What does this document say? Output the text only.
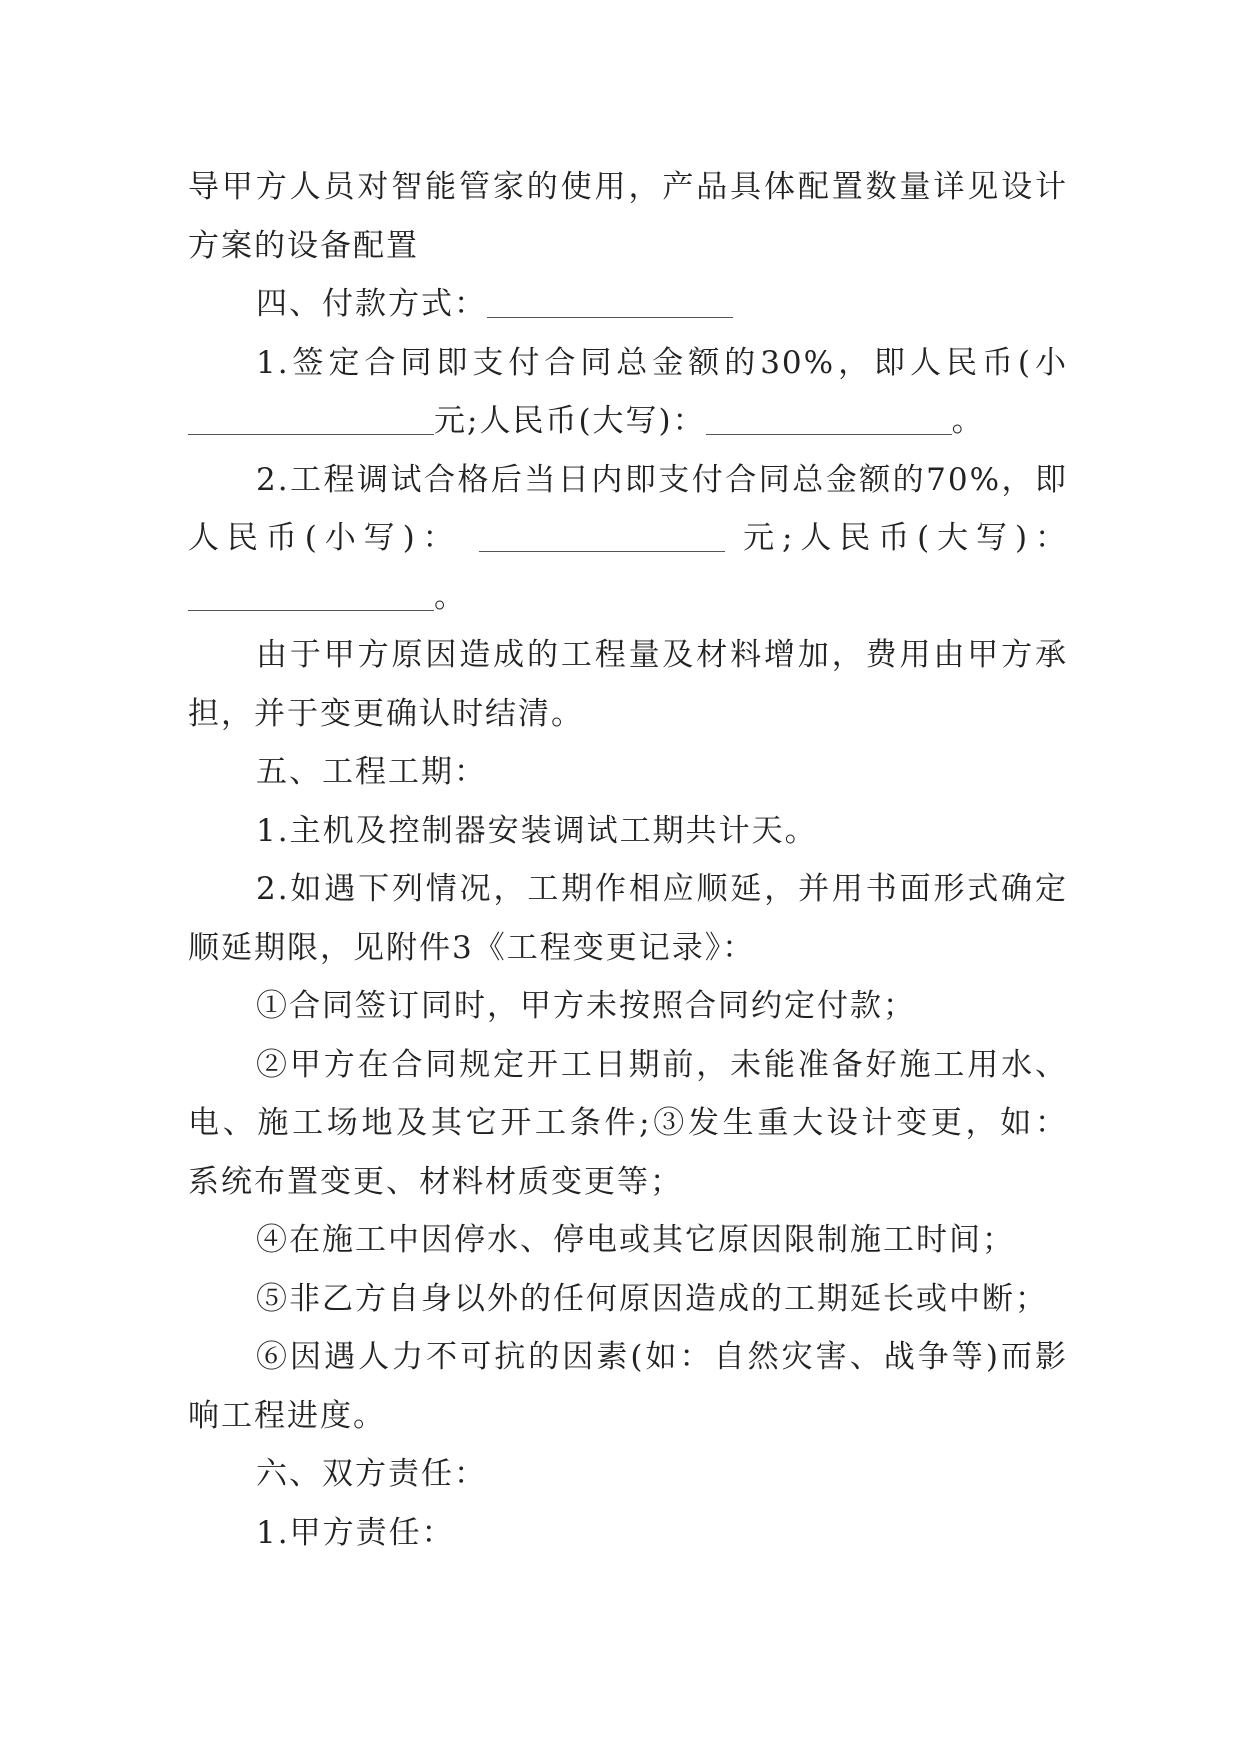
导甲方人员对智能管家的使用，产品具体配置数量详见设计
方案的设备配置
四、付款方式：
1.签定合同即支付合同总金额的30%，即人民币(小
元;人民币(大写)：	。
2.工程调试合格后当日内即支付合同总金额的70%，即
人民币(小写)：	元;人民币(大写)：
。
由于甲方原因造成的工程量及材料增加，费用由甲方承
担，并于变更确认时结清。
五、工程工期：
1.主机及控制器安装调试工期共计天。
2.如遇下列情况，工期作相应顺延，并用书面形式确定
顺延期限，见附件3《工程变更记录》：
①合同签订同时，甲方未按照合同约定付款；
②甲方在合同规定开工日期前，未能准备好施工用水、
电、施工场地及其它开工条件;③发生重大设计变更，如：
系统布置变更、材料材质变更等；
④在施工中因停水、停电或其它原因限制施工时间；
⑤非乙方自身以外的任何原因造成的工期延长或中断；
⑥因遇人力不可抗的因素(如：自然灾害、战争等)而影
响工程进度。
六、双方责任：
1.甲方责任：
